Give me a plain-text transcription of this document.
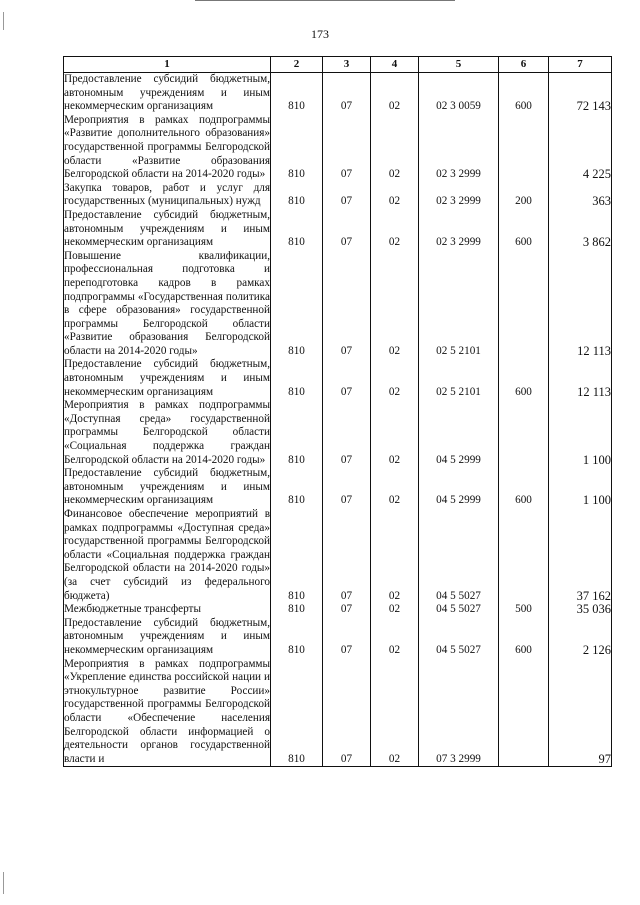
173
1	2	3	4	5	6	7
Предоставление субсидий бюджетным, автономным учреждениям и иным некоммерческим организациям	810	07	02	02 3 0059	600	72 143
Мероприятия в рамках подпрограммы «Развитие дополнительного образования» государственной программы Белгородской области «Развитие образования Белгородской области на 2014-2020 годы»	810	07	02	02 3 2999		4 225
Закупка товаров, работ и услуг для государственных (муниципальных) нужд	810	07	02	02 3 2999	200	363
Предоставление субсидий бюджетным, автономным учреждениям и иным некоммерческим организациям	810	07	02	02 3 2999	600	3 862
Повышение квалификации, профессиональная подготовка и переподготовка кадров в рамках подпрограммы «Государственная политика в сфере образования» государственной программы Белгородской области «Развитие образования Белгородской области на 2014-2020 годы»	810	07	02	02 5 2101		12 113
Предоставление субсидий бюджетным, автономным учреждениям и иным некоммерческим организациям	810	07	02	02 5 2101	600	12 113
Мероприятия в рамках подпрограммы «Доступная среда» государственной программы Белгородской области «Социальная поддержка граждан Белгородской области на 2014-2020 годы»	810	07	02	04 5 2999		1 100
Предоставление субсидий бюджетным, автономным учреждениям и иным некоммерческим организациям	810	07	02	04 5 2999	600	1 100
Финансовое обеспечение мероприятий в рамках подпрограммы «Доступная среда» государственной программы Белгородской области «Социальная поддержка граждан Белгородской области на 2014-2020 годы» (за счет субсидий из федерального бюджета)	810	07	02	04 5 5027		37 162
Межбюджетные трансферты	810	07	02	04 5 5027	500	35 036
Предоставление субсидий бюджетным, автономным учреждениям и иным некоммерческим организациям	810	07	02	04 5 5027	600	2 126
Мероприятия в рамках подпрограммы «Укрепление единства российской нации и этнокультурное развитие России» государственной программы Белгородской области «Обеспечение населения Белгородской области информацией о деятельности органов государственной власти и	810	07	02	07 3 2999		97
